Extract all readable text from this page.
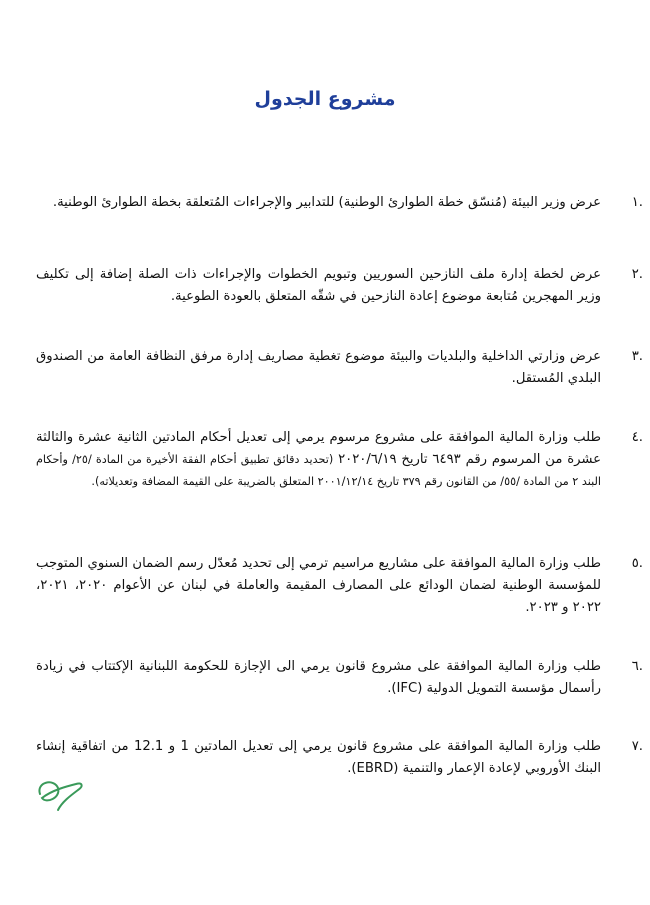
مشروع الجدول
١.

عرض وزير البيئة (مُنسّق خطة الطوارئ الوطنية) للتدابير والإجراءات المُتعلقة بخطة الطوارئ الوطنية.

٢.

عرض لخطة إدارة ملف النازحين السوريين وتبويم الخطوات والإجراءات ذات الصلة إضافة إلى تكليف وزير المهجرين مُتابعة موضوع إعادة النازحين في شقّه المتعلق بالعودة الطوعية.

٣.

عرض وزارتي الداخلية والبلديات والبيئة موضوع تغطية مصاريف إدارة مرفق النظافة العامة من الصندوق البلدي المُستقل.

٤.

طلب وزارة المالية الموافقة على مشروع مرسوم يرمي إلى تعديل أحكام المادتين الثانية عشرة والثالثة عشرة من المرسوم رقم ٦٤٩٣ تاريخ ٢٠٢٠/٦/١٩ (تحديد دقائق تطبيق أحكام الفقة الأخيرة من المادة /٢٥/ وأحكام البند ٢ من المادة /٥٥/ من القانون رقم ٣٧٩ تاريخ ٢٠٠١/١٢/١٤ المتعلق بالضريبة على القيمة المضافة وتعديلاته).

٥.

طلب وزارة المالية الموافقة على مشاريع مراسيم ترمي إلى تحديد مُعدّل رسم الضمان السنوي المتوجب للمؤسسة الوطنية لضمان الودائع على المصارف المقيمة والعاملة في لبنان عن الأعوام ٢٠٢٠، ٢٠٢١، ٢٠٢٢ و ٢٠٢٣.

٦.

طلب وزارة المالية الموافقة على مشروع قانون يرمي الى الإجازة للحكومة اللبنانية الإكتتاب في زيادة رأسمال مؤسسة التمويل الدولية (IFC).

٧.

طلب وزارة المالية الموافقة على مشروع قانون يرمي إلى تعديل المادتين 1 و 12.1 من اتفاقية إنشاء البنك الأوروبي لإعادة الإعمار والتنمية (EBRD).
